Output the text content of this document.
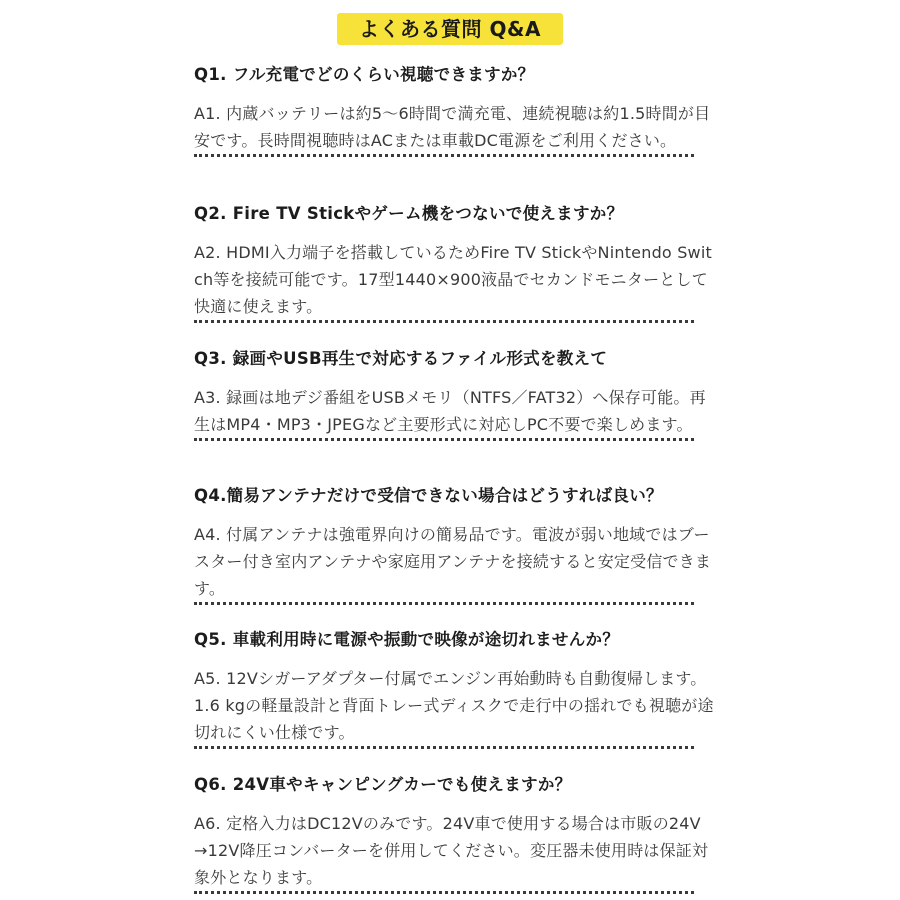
よくある質問 Q&A
Q1. フル充電でどのくらい視聴できますか？
A1. 内蔵バッテリーは約5～6時間で満充電、連続視聴は約1.5時間が目安です。長時間視聴時はACまたは車載DC電源をご利用ください。
Q2. Fire TV Stickやゲーム機をつないで使えますか？
A2. HDMI入力端子を搭載しているためFire TV StickやNintendo Switch等を接続可能です。17型1440×900液晶でセカンドモニターとして快適に使えます。
Q3. 録画やUSB再生で対応するファイル形式を教えて
A3. 録画は地デジ番組をUSBメモリ（NTFS／FAT32）へ保存可能。再生はMP4・MP3・JPEGなど主要形式に対応しPC不要で楽しめます。
Q4.簡易アンテナだけで受信できない場合はどうすれば良い？
A4. 付属アンテナは強電界向けの簡易品です。電波が弱い地域ではブースター付き室内アンテナや家庭用アンテナを接続すると安定受信できます。
Q5. 車載利用時に電源や振動で映像が途切れませんか？
A5. 12Vシガーアダプター付属でエンジン再始動時も自動復帰します。1.6 kgの軽量設計と背面トレー式ディスクで走行中の揺れでも視聴が途切れにくい仕様です。
Q6. 24V車やキャンピングカーでも使えますか？
A6. 定格入力はDC12Vのみです。24V車で使用する場合は市販の24V→12V降圧コンバーターを併用してください。変圧器未使用時は保証対象外となります。
